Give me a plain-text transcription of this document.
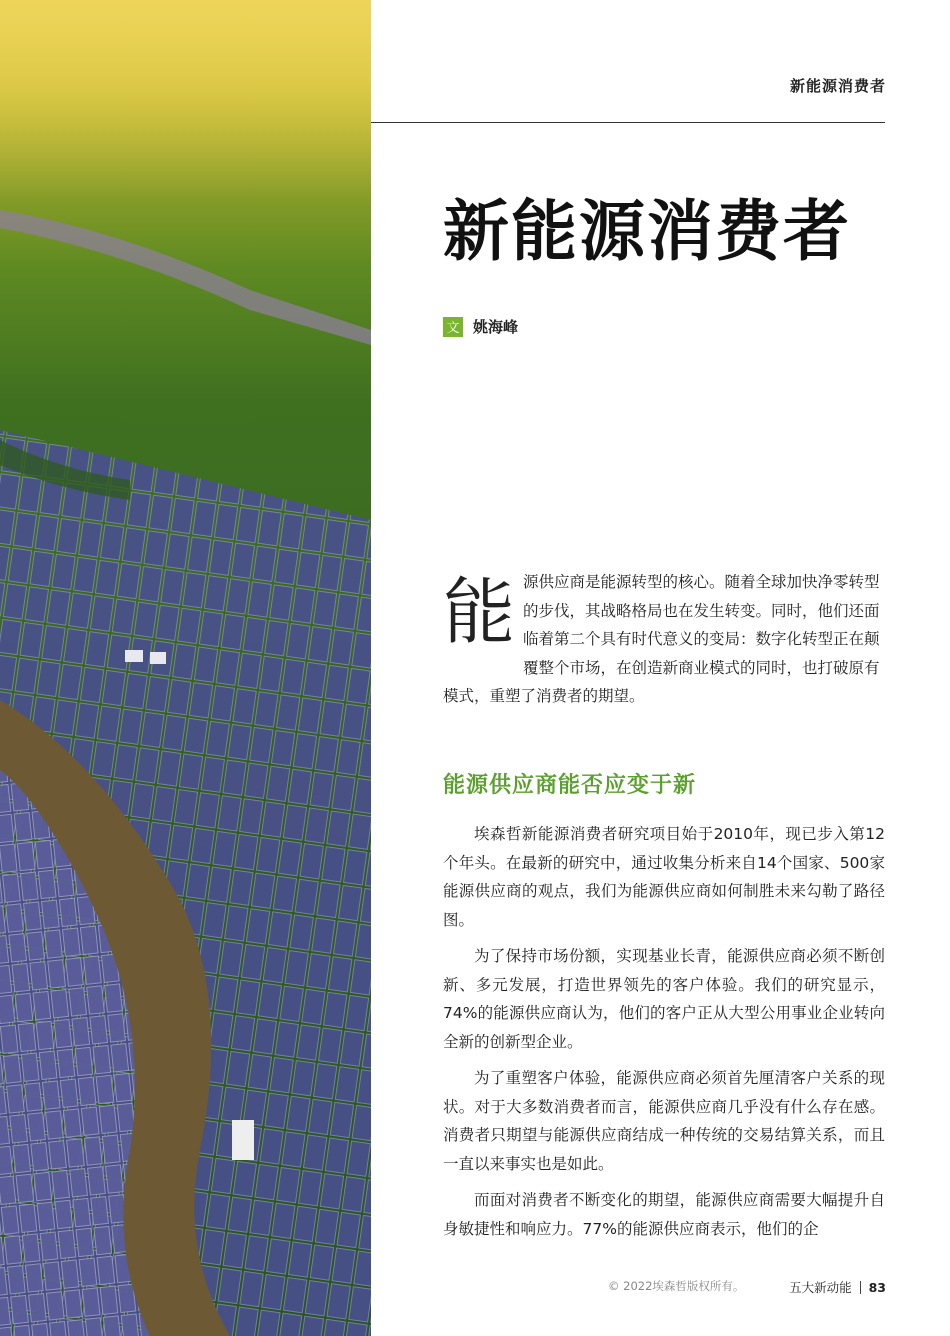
新能源消费者
新能源消费者
文 姚海峰
能 源供应商是能源转型的核心。随着全球加快净零转型的步伐，其战略格局也在发生转变。同时，他们还面临着第二个具有时代意义的变局：数字化转型正在颠覆整个市场，在创造新商业模式的同时，也打破原有模式，重塑了消费者的期望。
能源供应商能否应变于新

埃森哲新能源消费者研究项目始于2010年，现已步入第12个年头。在最新的研究中，通过收集分析来自14个国家、500家能源供应商的观点，我们为能源供应商如何制胜未来勾勒了路径图。

为了保持市场份额，实现基业长青，能源供应商必须不断创新、多元发展，打造世界领先的客户体验。我们的研究显示，74%的能源供应商认为，他们的客户正从大型公用事业企业转向全新的创新型企业。

为了重塑客户体验，能源供应商必须首先厘清客户关系的现状。对于大多数消费者而言，能源供应商几乎没有什么存在感。消费者只期望与能源供应商结成一种传统的交易结算关系，而且一直以来事实也是如此。

而面对消费者不断变化的期望，能源供应商需要大幅提升自身敏捷性和响应力。77%的能源供应商表示，他们的企

© 2022埃森哲版权所有。	五大新动能 83
